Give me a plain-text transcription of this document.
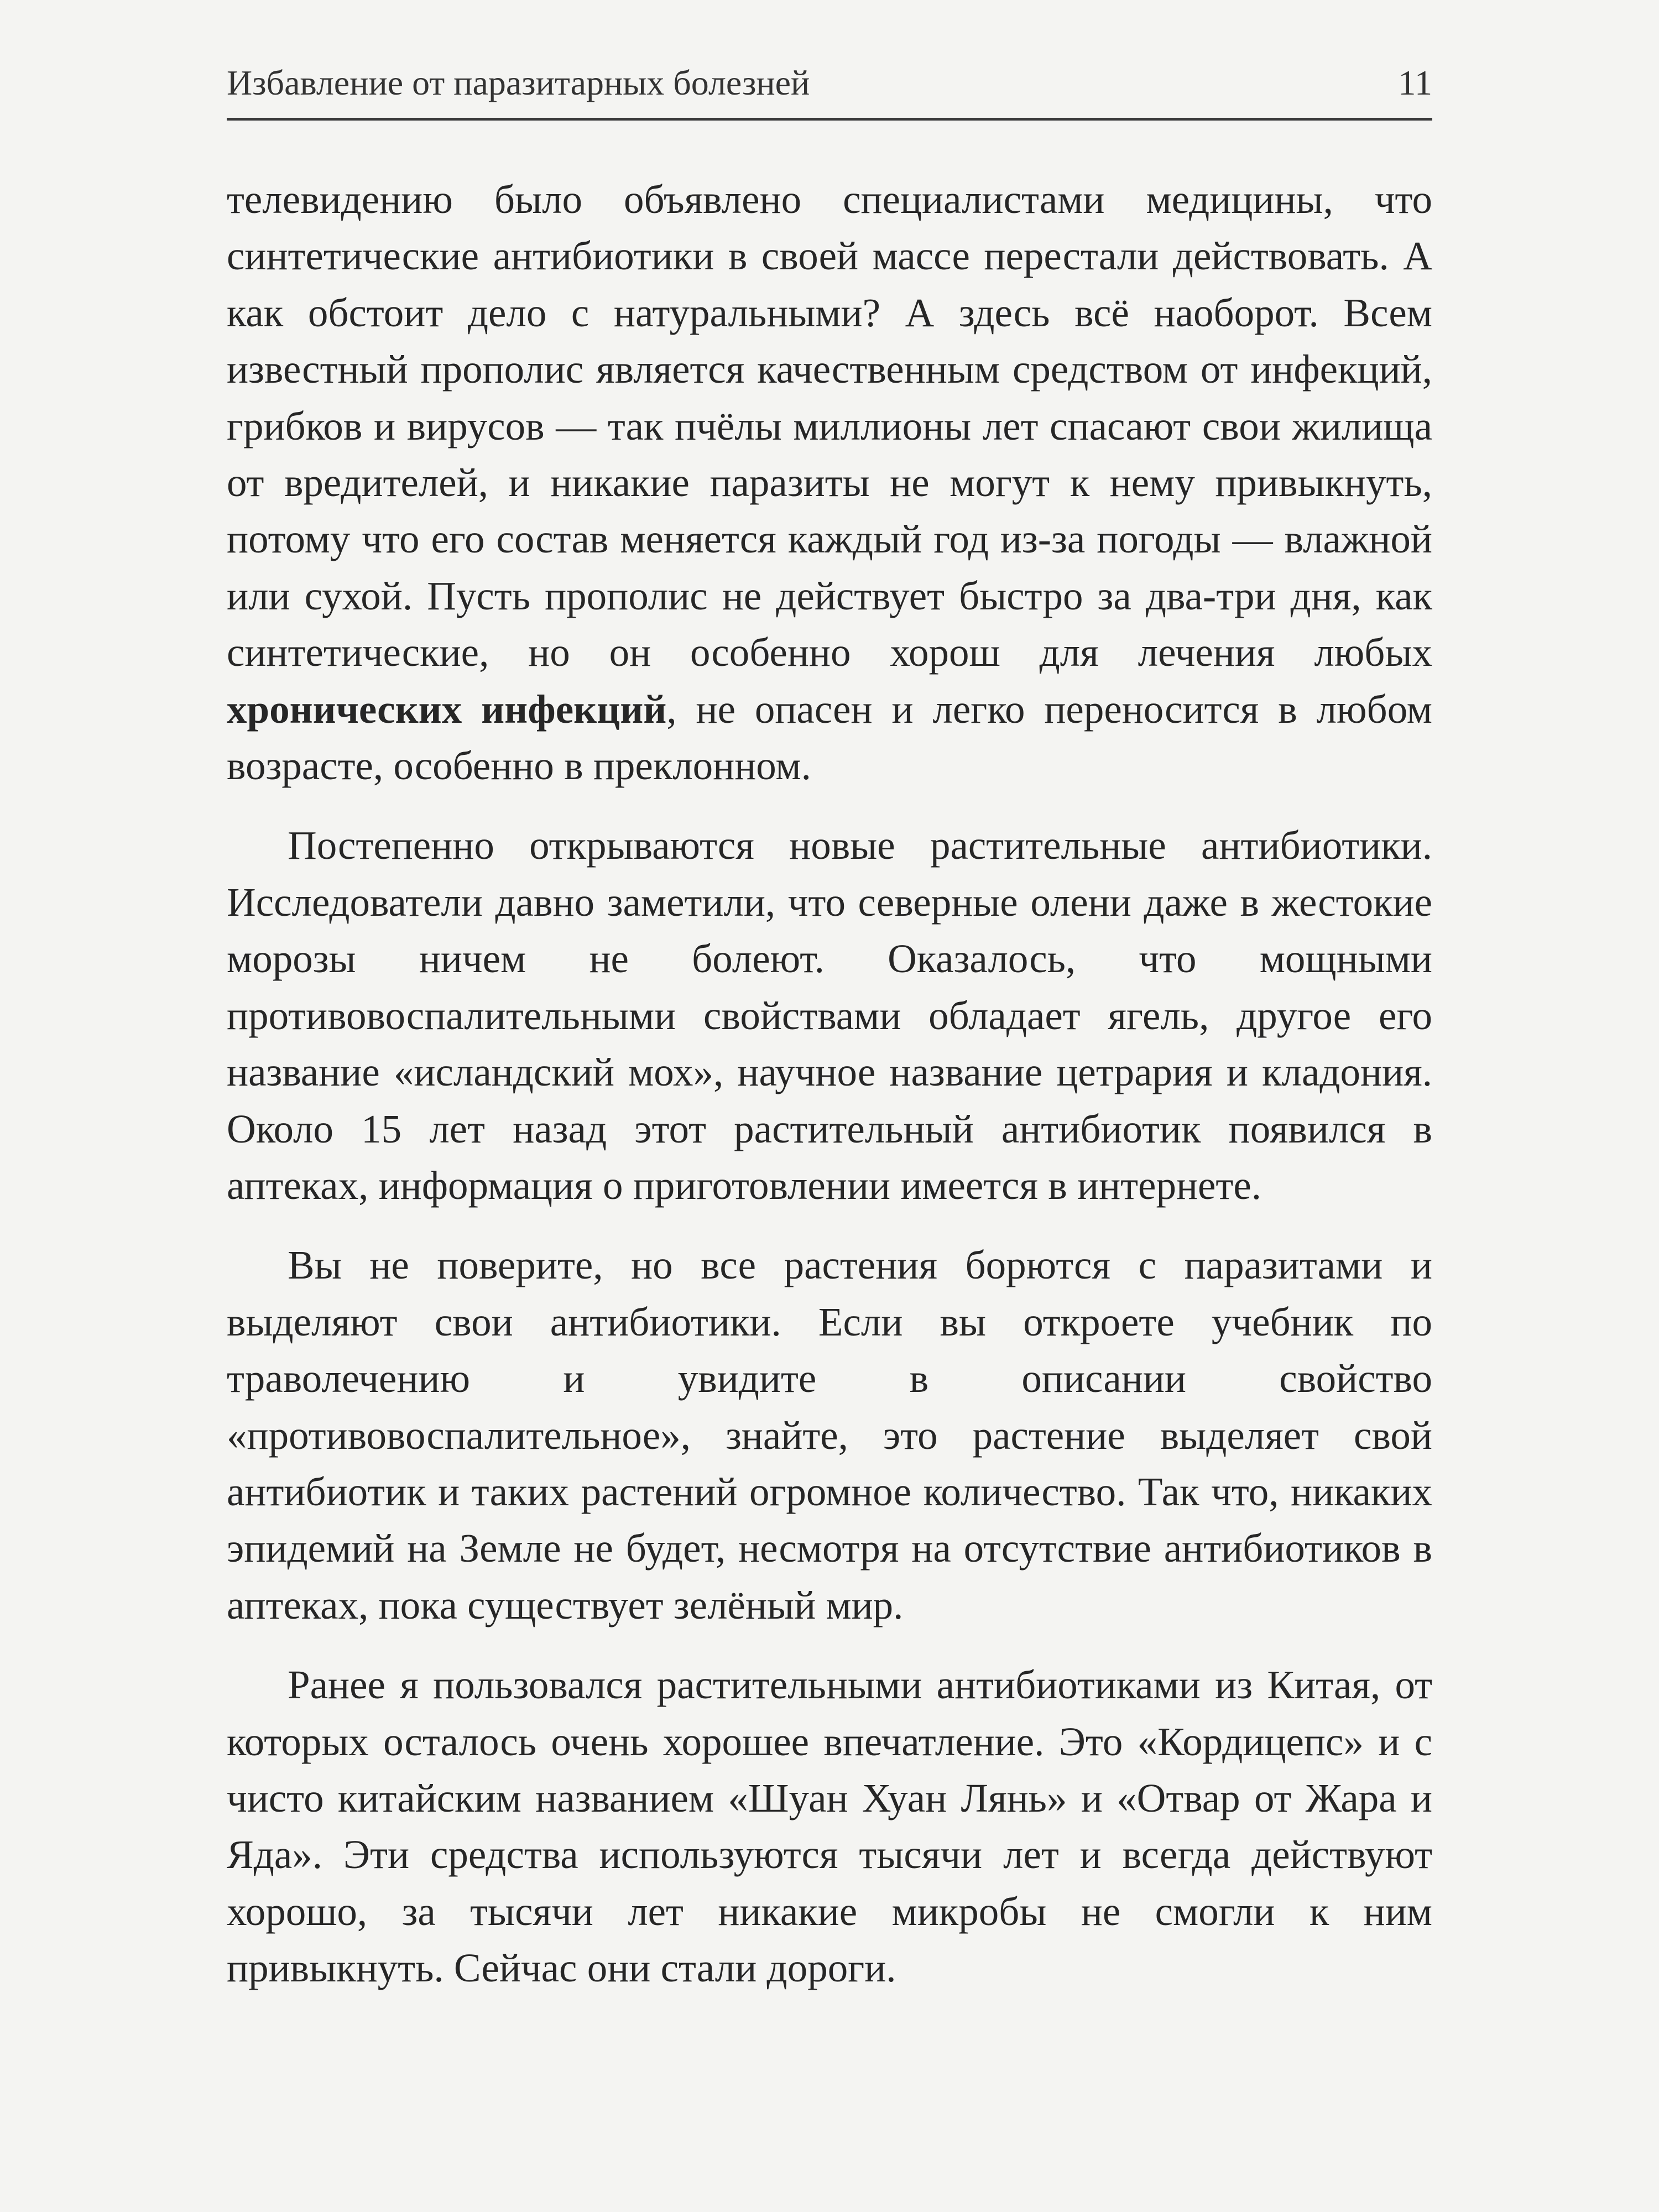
Избавление от паразитарных болезней	11

телевидению было объявлено специалистами медицины, что синтетические антибиотики в своей массе перестали действовать. А как обстоит дело с натуральными? А здесь всё наоборот. Всем известный прополис является качественным средством от инфекций, грибков и вирусов — так пчёлы миллионы лет спасают свои жилища от вредителей, и никакие паразиты не могут к нему привыкнуть, потому что его состав меняется каждый год из-за погоды — влажной или сухой. Пусть прополис не действует быстро за два-три дня, как синтетические, но он особенно хорош для лечения любых хронических инфекций, не опасен и легко переносится в любом возрасте, особенно в преклонном.

Постепенно открываются новые растительные антибиотики. Исследователи давно заметили, что северные олени даже в жестокие морозы ничем не болеют. Оказалось, что мощными противовоспалительными свойствами обладает ягель, другое его название «исландский мох», научное название цетрария и кладония. Около 15 лет назад этот растительный антибиотик появился в аптеках, информация о приготовлении имеется в интернете.

Вы не поверите, но все растения борются с паразитами и выделяют свои антибиотики. Если вы откроете учебник по траволечению и увидите в описании свойство «противовоспалительное», знайте, это растение выделяет свой антибиотик и таких растений огромное количество. Так что, никаких эпидемий на Земле не будет, несмотря на отсутствие антибиотиков в аптеках, пока существует зелёный мир.

Ранее я пользовался растительными антибиотиками из Китая, от которых осталось очень хорошее впечатление. Это «Кордицепс» и с чисто китайским названием «Шуан Хуан Лянь» и «Отвар от Жара и Яда». Эти средства используются тысячи лет и всегда действуют хорошо, за тысячи лет никакие микробы не смогли к ним привыкнуть. Сейчас они стали дороги.
